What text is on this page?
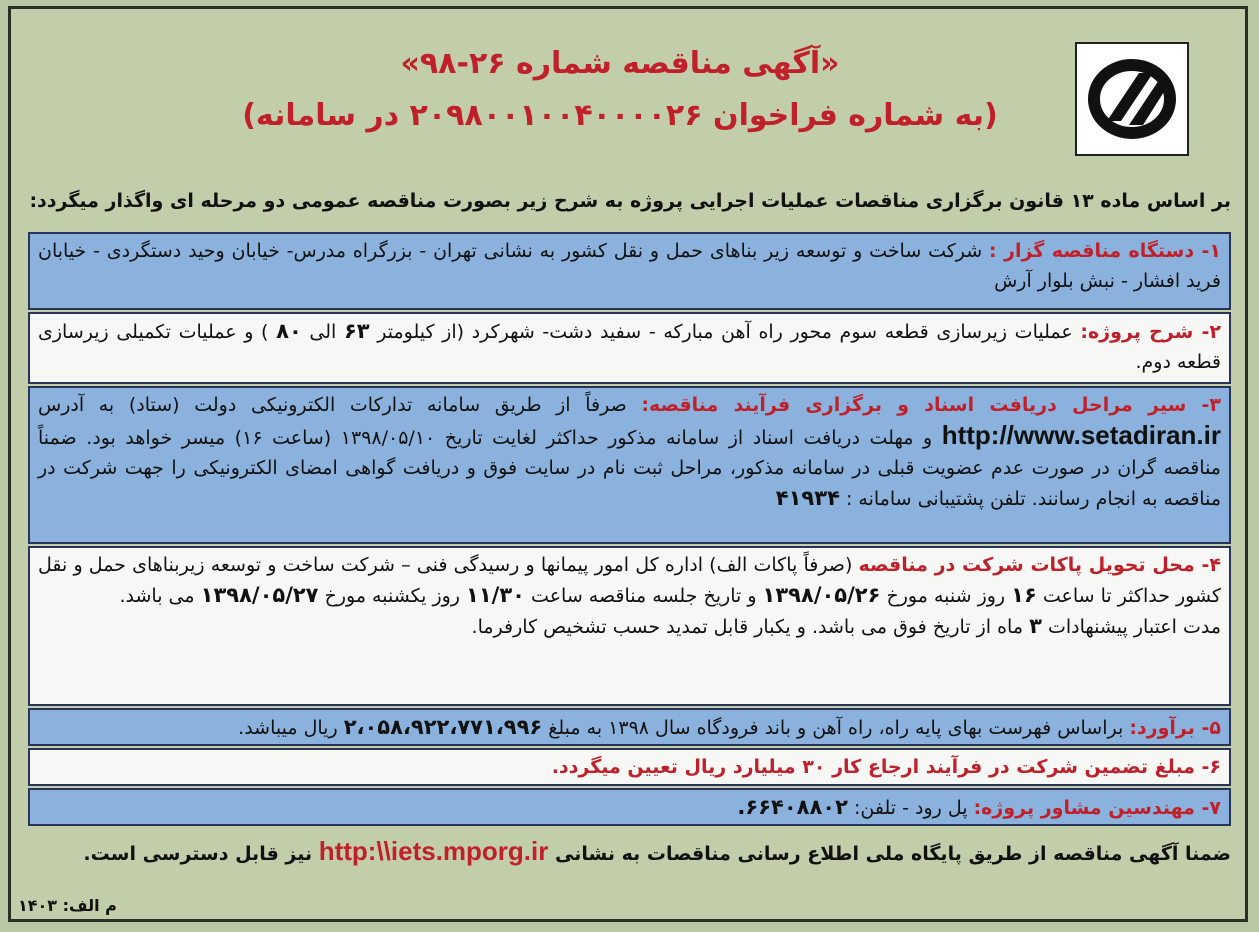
«آگهی مناقصه شماره ۲۶-۹۸»
(به شماره فراخوان ۲۰۹۸۰۰۱۰۰۴۰۰۰۰۲۶ در سامانه)
بر اساس ماده ۱۳ قانون برگزاری مناقصات عملیات اجرایی پروژه به شرح زیر بصورت مناقصه عمومی دو مرحله ای واگذار میگردد:
۱- دستگاه مناقصه گزار : شرکت ساخت و توسعه زیر بناهای حمل و نقل کشور به نشانی تهران - بزرگراه مدرس- خیابان وحید دستگردی - خیابان فرید افشار - نبش بلوار آرش
۲- شرح پروژه: عملیات زیرسازی قطعه سوم محور راه آهن مبارکه - سفید دشت- شهرکرد (از کیلومتر ۶۳ الی ۸۰ ) و عملیات تکمیلی زیرسازی قطعه دوم.
۳- سیر مراحل دریافت اسناد و برگزاری فرآیند مناقصه: صرفاً از طریق سامانه تدارکات الکترونیکی دولت (ستاد) به آدرس http://www.setadiran.ir و مهلت دریافت اسناد از سامانه مذکور حداکثر لغایت تاریخ ۱۳۹۸/۰۵/۱۰ (ساعت ۱۶) میسر خواهد بود. ضمناً مناقصه گران در صورت عدم عضویت قبلی در سامانه مذکور، مراحل ثبت نام در سایت فوق و دریافت گواهی امضای الکترونیکی را جهت شرکت در مناقصه به انجام رسانند. تلفن پشتیبانی سامانه : ۴۱۹۳۴
۴- محل تحویل پاکات شرکت در مناقصه (صرفاً پاکات الف) اداره کل امور پیمانها و رسیدگی فنی – شرکت ساخت و توسعه زیربناهای حمل و نقل کشور حداکثر تا ساعت ۱۶ روز شنبه مورخ ۱۳۹۸/۰۵/۲۶ و تاریخ جلسه مناقصه ساعت ۱۱/۳۰ روز یکشنبه مورخ ۱۳۹۸/۰۵/۲۷ می باشد.
مدت اعتبار پیشنهادات ۳ ماه از تاریخ فوق می باشد. و یکبار قابل تمدید حسب تشخیص کارفرما.
۵- برآورد: براساس فهرست بهای پایه راه، راه آهن و باند فرودگاه سال ۱۳۹۸ به مبلغ ۲،۰۵۸،۹۲۲،۷۷۱،۹۹۶ ریال میباشد.
۶- مبلغ تضمین شرکت در فرآیند ارجاع کار ۳۰ میلیارد ریال تعیین میگردد.
۷- مهندسین مشاور پروژه: پل رود - تلفن: ۶۶۴۰۸۸۰۲.
ضمنا آگهی مناقصه از طریق پایگاه ملی اطلاع رسانی مناقصات به نشانی http:\\iets.mporg.ir نیز قابل دسترسی است.
م الف: ۱۴۰۳
